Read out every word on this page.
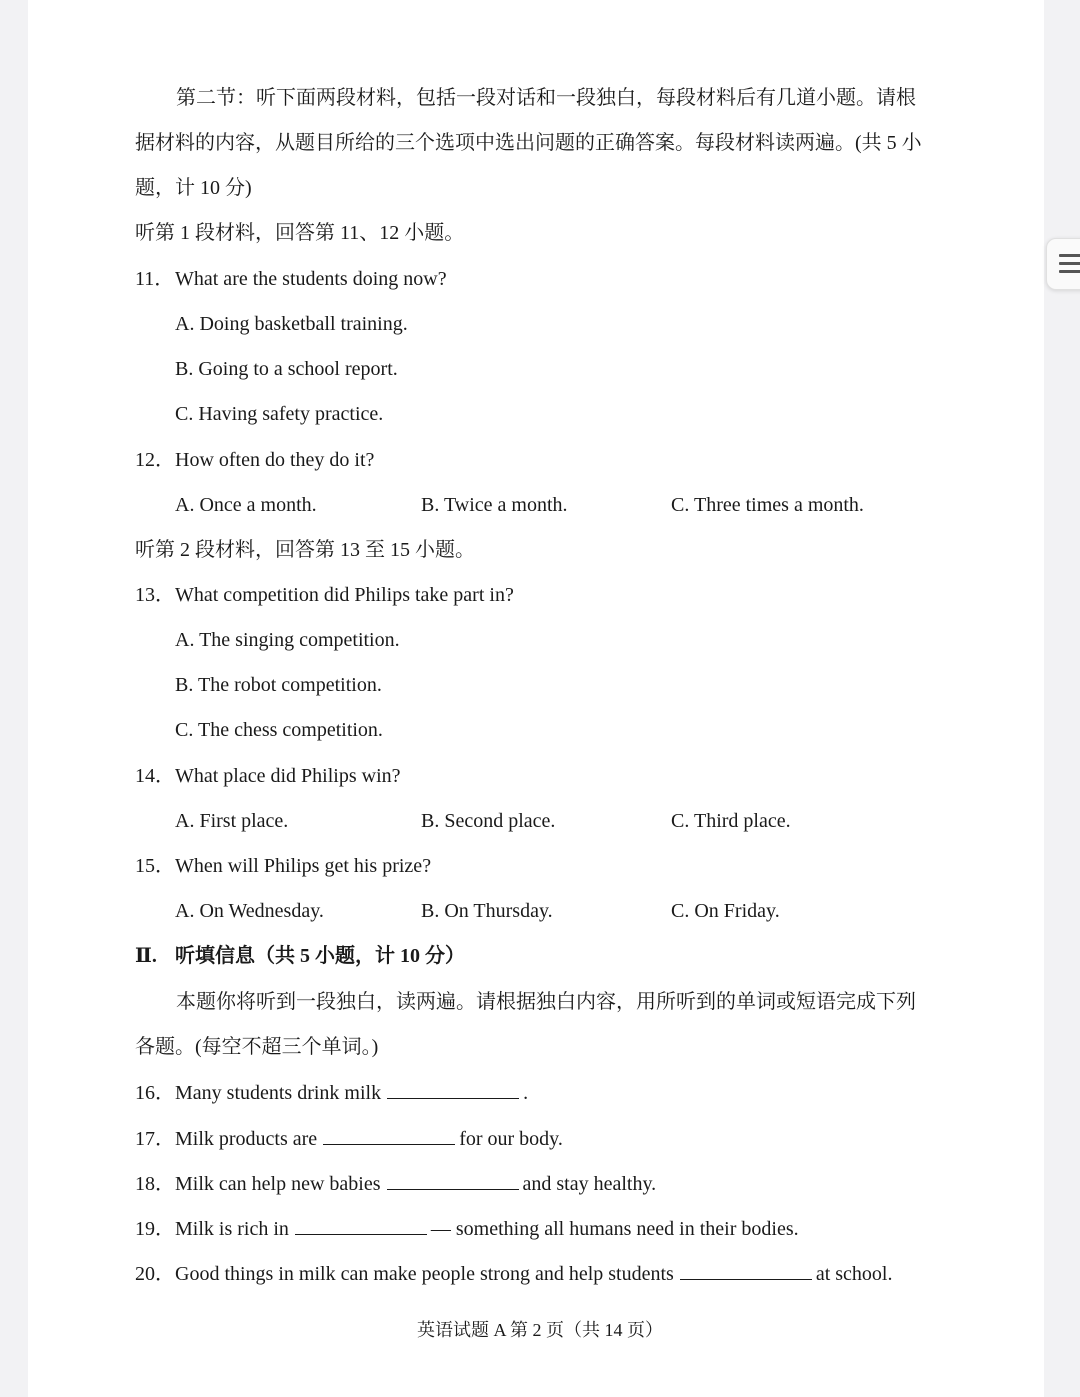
第二节：听下面两段材料，包括一段对话和一段独白，每段材料后有几道小题。请根
据材料的内容，从题目所给的三个选项中选出问题的正确答案。每段材料读两遍。(共 5 小
题，计 10 分)
听第 1 段材料，回答第 11、12 小题。
11．What are the students doing now?
A. Doing basketball training.
B. Going to a school report.
C. Having safety practice.
12．How often do they do it?
A. Once a month.	B. Twice a month.	C. Three times a month.
听第 2 段材料，回答第 13 至 15 小题。
13．What competition did Philips take part in?
A. The singing competition.
B. The robot competition.
C. The chess competition.
14．What place did Philips win?
A. First place.	B. Second place.	C. Third place.
15．When will Philips get his prize?
A. On Wednesday.	B. On Thursday.	C. On Friday.
Ⅱ. 听填信息（共 5 小题，计 10 分）
本题你将听到一段独白，读两遍。请根据独白内容，用所听到的单词或短语完成下列
各题。(每空不超三个单词。)
16．Many students drink milk	.
17．Milk products are	for our body.
18．Milk can help new babies	and stay healthy.
19．Milk is rich in	— something all humans need in their bodies.
20．Good things in milk can make people strong and help students	at school.
英语试题 A 第 2 页（共 14 页）
